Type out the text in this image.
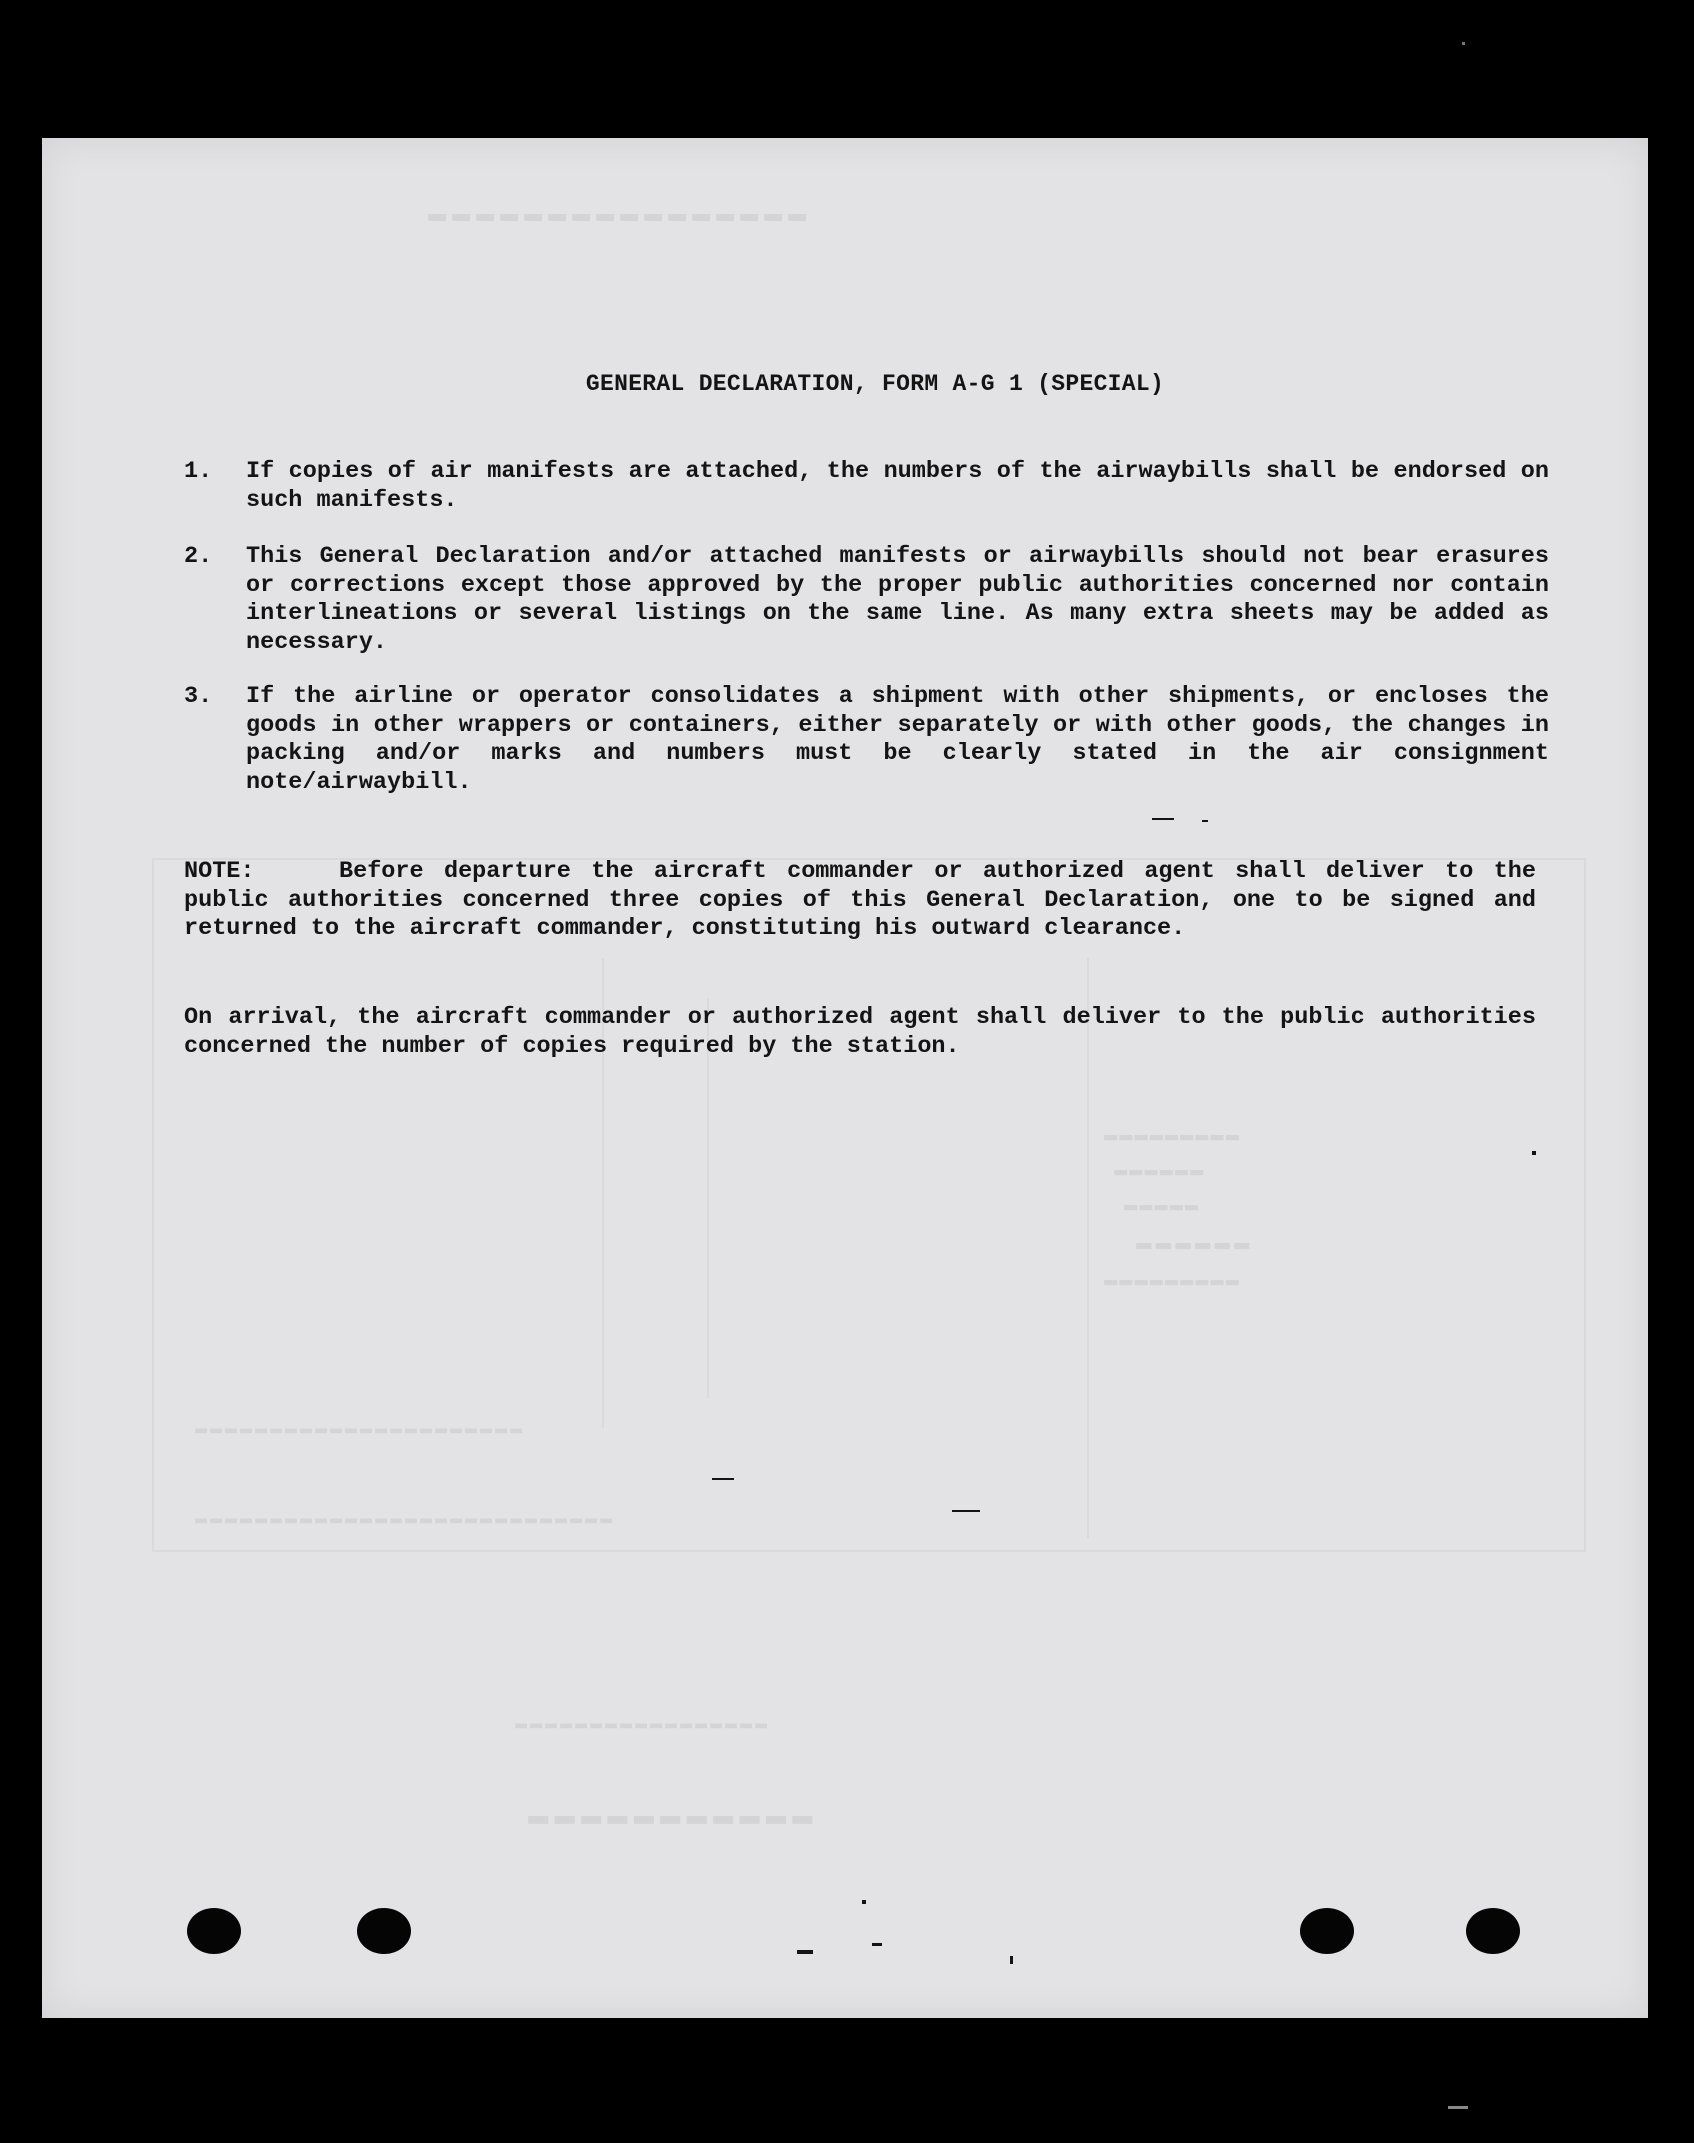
▬▬▬▬▬▬▬▬▬▬▬▬▬▬▬▬
▬▬▬▬▬▬▬▬▬
▬▬▬▬▬▬
▬▬▬▬▬
▬▬▬▬▬▬
▬▬▬▬▬▬▬▬▬
▬▬▬▬▬▬▬▬▬▬▬▬▬▬▬▬▬▬▬▬▬▬
▬▬▬▬▬▬▬▬▬▬▬▬▬▬▬▬▬▬▬▬▬▬▬▬▬▬▬▬
▬▬▬▬▬▬▬▬▬▬▬▬▬▬▬▬▬
▬▬▬▬▬▬▬▬▬▬▬
GENERAL DECLARATION, FORM A-G 1 (SPECIAL)
1.	If copies of air manifests are attached, the numbers of the airwaybills shall be endorsed on such manifests.
2.	This General Declaration and/or attached manifests or airwaybills should not bear erasures or corrections except those approved by the proper public authorities concerned nor contain interlineations or several listings on the same line. As many extra sheets may be added as necessary.
3.	If the airline or operator consolidates a shipment with other shipments, or encloses the goods in other wrappers or containers, either separately or with other goods, the changes in packing and/or marks and numbers must be clearly stated in the air consignment note/airwaybill.
NOTE:	Before departure the aircraft commander or authorized agent shall deliver to the public authorities concerned three copies of this General Declaration, one to be signed and returned to the aircraft commander, constituting his outward clearance.
On arrival, the aircraft commander or authorized agent shall deliver to the public authorities concerned the number of copies required by the station.
